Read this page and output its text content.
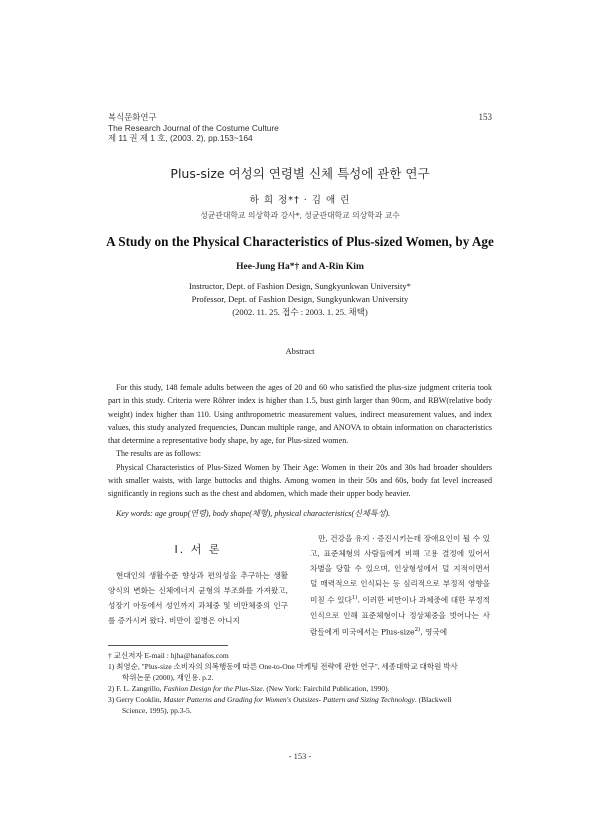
복식문화연구
The Research Journal of the Costume Culture
제 11 권 제 1 호, (2003. 2), pp.153~164
153
Plus-size 여성의 연령별 신체 특성에 관한 연구
하 희 정*† · 김 애 린
성균관대학교 의상학과 강사*, 성균관대학교 의상학과 교수
A Study on the Physical Characteristics of Plus-sized Women, by Age
Hee-Jung Ha*† and A-Rin Kim
Instructor, Dept. of Fashion Design, Sungkyunkwan University*
Professor, Dept. of Fashion Design, Sungkyunkwan University
(2002. 11. 25. 접수 : 2003. 1. 25. 채택)
Abstract

For this study, 148 female adults between the ages of 20 and 60 who satisfied the plus-size judgment criteria took part in this study. Criteria were Röhrer index is higher than 1.5, bust girth larger than 90cm, and RBW(relative body weight) index higher than 110. Using anthropometric measurement values, indirect measurement values, and index values, this study analyzed frequencies, Duncan multiple range, and ANOVA to obtain information on characteristics that determine a representative body shape, by age, for Plus-sized women.

The results are as follows:

Physical Characteristics of Plus-Sized Women by Their Age: Women in their 20s and 30s had broader shoulders with smaller waists, with large buttocks and thighs. Among women in their 50s and 60s, body fat level increased significantly in regions such as the chest and abdomen, which made their upper body heavier.

Key words: age group(연령), body shape(체형), physical characteristics(신체특성).
Ⅰ. 서 론

현대인의 생활수준 향상과 편의성을 추구하는 생활양식의 변화는 신체에너지 균형의 부조화를 가져왔고, 성장기 아동에서 성인까지 과체중 및 비만체중의 인구를 증가시켜 왔다. 비만이 질병은 아니지

만, 건강을 유지 · 증진시키는데 장애요인이 될 수 있고, 표준체형의 사람들에게 비해 고용 결정에 있어서 차별을 당할 수 있으며, 인상형성에서 덜 지적이면서 덜 매력적으로 인식되는 등 심리적으로 부정적 영향을 미칠 수 있다$^{1)}$. 이러한 비만이나 과체중에 대한 부정적 인식으로 인해 표준체형이나 정상체중을 벗어나는 사람들에게 미국에서는 Plus-size$^{2)}$, 영국에

† 교신저자 E-mail : hjha@hanafos.com
1) 최영순, "Plus-size 소비자의 의복행동에 따른 One-to-One 마케팅 전략에 관한 연구", 세종대학교 대학원 박사
학위논문 (2000), 재인용. p.2.
2) F. L. Zangrillo, Fashion Design for the Plus-Size. (New York: Fairchild Publication, 1990).
3) Gerry Cooklin, Master Patterns and Grading for Women's Outsizes- Pattern and Sizing Technology. (Blackwell
Science, 1995), pp.3-5.
- 153 -
